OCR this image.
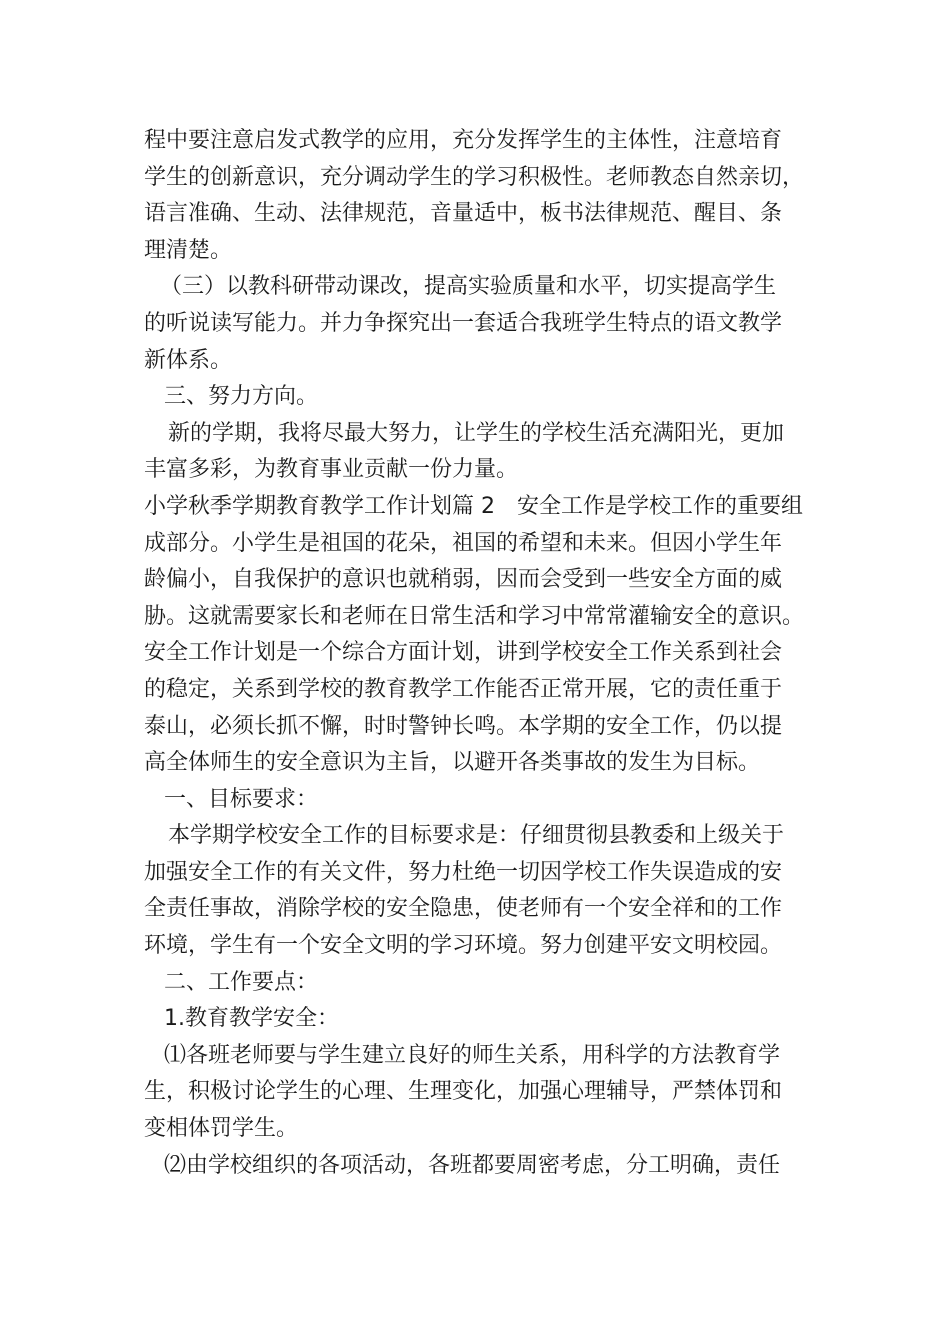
程中要注意启发式教学的应用，充分发挥学生的主体性，注意培育
学生的创新意识，充分调动学生的学习积极性。老师教态自然亲切，
语言准确、生动、法律规范，音量适中，板书法律规范、醒目、条
理清楚。
（三）以教科研带动课改，提高实验质量和水平，切实提高学生
的听说读写能力。并力争探究出一套适合我班学生特点的语文教学
新体系。
三、努力方向。
新的学期，我将尽最大努力，让学生的学校生活充满阳光，更加
丰富多彩，为教育事业贡献一份力量。
小学秋季学期教育教学工作计划篇 2　安全工作是学校工作的重要组
成部分。小学生是祖国的花朵，祖国的希望和未来。但因小学生年
龄偏小，自我保护的意识也就稍弱，因而会受到一些安全方面的威
胁。这就需要家长和老师在日常生活和学习中常常灌输安全的意识。
安全工作计划是一个综合方面计划，讲到学校安全工作关系到社会
的稳定，关系到学校的教育教学工作能否正常开展，它的责任重于
泰山，必须长抓不懈，时时警钟长鸣。本学期的安全工作，仍以提
高全体师生的安全意识为主旨，以避开各类事故的发生为目标。
一、目标要求：
本学期学校安全工作的目标要求是：仔细贯彻县教委和上级关于
加强安全工作的有关文件，努力杜绝一切因学校工作失误造成的安
全责任事故，消除学校的安全隐患，使老师有一个安全祥和的工作
环境，学生有一个安全文明的学习环境。努力创建平安文明校园。
二、工作要点：
1.教育教学安全：
⑴各班老师要与学生建立良好的师生关系，用科学的方法教育学
生，积极讨论学生的心理、生理变化，加强心理辅导，严禁体罚和
变相体罚学生。
⑵由学校组织的各项活动，各班都要周密考虑，分工明确，责任
